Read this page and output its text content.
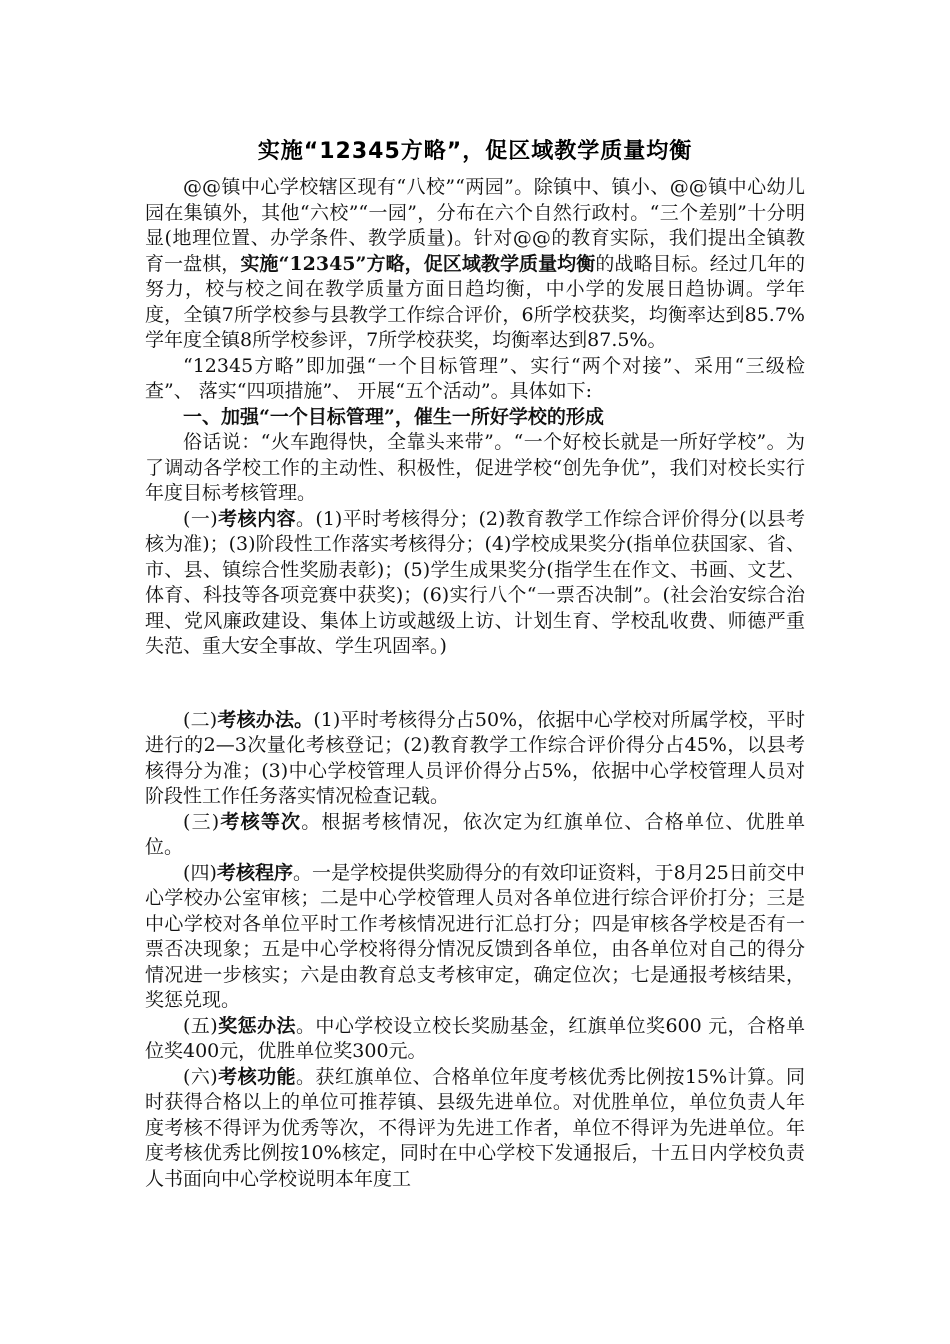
实施“12345方略”，促区域教学质量均衡

@@镇中心学校辖区现有“八校”“两园”。除镇中、镇小、@@镇中心幼儿园在集镇外，其他“六校”“一园”，分布在六个自然行政村。“三个差别”十分明显(地理位置、办学条件、教学质量)。针对@@的教育实际，我们提出全镇教育一盘棋，实施“12345”方略，促区域教学质量均衡的战略目标。经过几年的努力，校与校之间在教学质量方面日趋均衡，中小学的发展日趋协调。学年度，全镇7所学校参与县教学工作综合评价，6所学校获奖，均衡率达到85.7%学年度全镇8所学校参评，7所学校获奖，均衡率达到87.5%。

“12345方略”即加强“一个目标管理”、实行“两个对接”、采用“三级检查”、 落实“四项措施”、 开展“五个活动”。具体如下:

一、加强“一个目标管理”，催生一所好学校的形成

俗话说：“火车跑得快，全靠头来带”。“一个好校长就是一所好学校”。为了调动各学校工作的主动性、积极性，促进学校“创先争优”，我们对校长实行年度目标考核管理。

(一)考核内容。(1)平时考核得分；(2)教育教学工作综合评价得分(以县考核为准)；(3)阶段性工作落实考核得分；(4)学校成果奖分(指单位获国家、省、市、县、镇综合性奖励表彰)；(5)学生成果奖分(指学生在作文、书画、文艺、体育、科技等各项竞赛中获奖)；(6)实行八个“一票否决制”。(社会治安综合治理、党风廉政建设、集体上访或越级上访、计划生育、学校乱收费、师德严重失范、重大安全事故、学生巩固率。)

(二)考核办法。(1)平时考核得分占50%，依据中心学校对所属学校，平时进行的2—3次量化考核登记；(2)教育教学工作综合评价得分占45%，以县考核得分为准；(3)中心学校管理人员评价得分占5%，依据中心学校管理人员对阶段性工作任务落实情况检查记载。

(三)考核等次。根据考核情况，依次定为红旗单位、合格单位、优胜单位。

(四)考核程序。一是学校提供奖励得分的有效印证资料，于8月25日前交中心学校办公室审核；二是中心学校管理人员对各单位进行综合评价打分；三是中心学校对各单位平时工作考核情况进行汇总打分；四是审核各学校是否有一票否决现象；五是中心学校将得分情况反馈到各单位，由各单位对自己的得分情况进一步核实；六是由教育总支考核审定，确定位次；七是通报考核结果，奖惩兑现。

(五)奖惩办法。中心学校设立校长奖励基金，红旗单位奖600 元，合格单位奖400元，优胜单位奖300元。

(六)考核功能。获红旗单位、合格单位年度考核优秀比例按15%计算。同时获得合格以上的单位可推荐镇、县级先进单位。对优胜单位，单位负责人年度考核不得评为优秀等次，不得评为先进工作者，单位不得评为先进单位。年度考核优秀比例按10%核定，同时在中心学校下发通报后，十五日内学校负责人书面向中心学校说明本年度工
